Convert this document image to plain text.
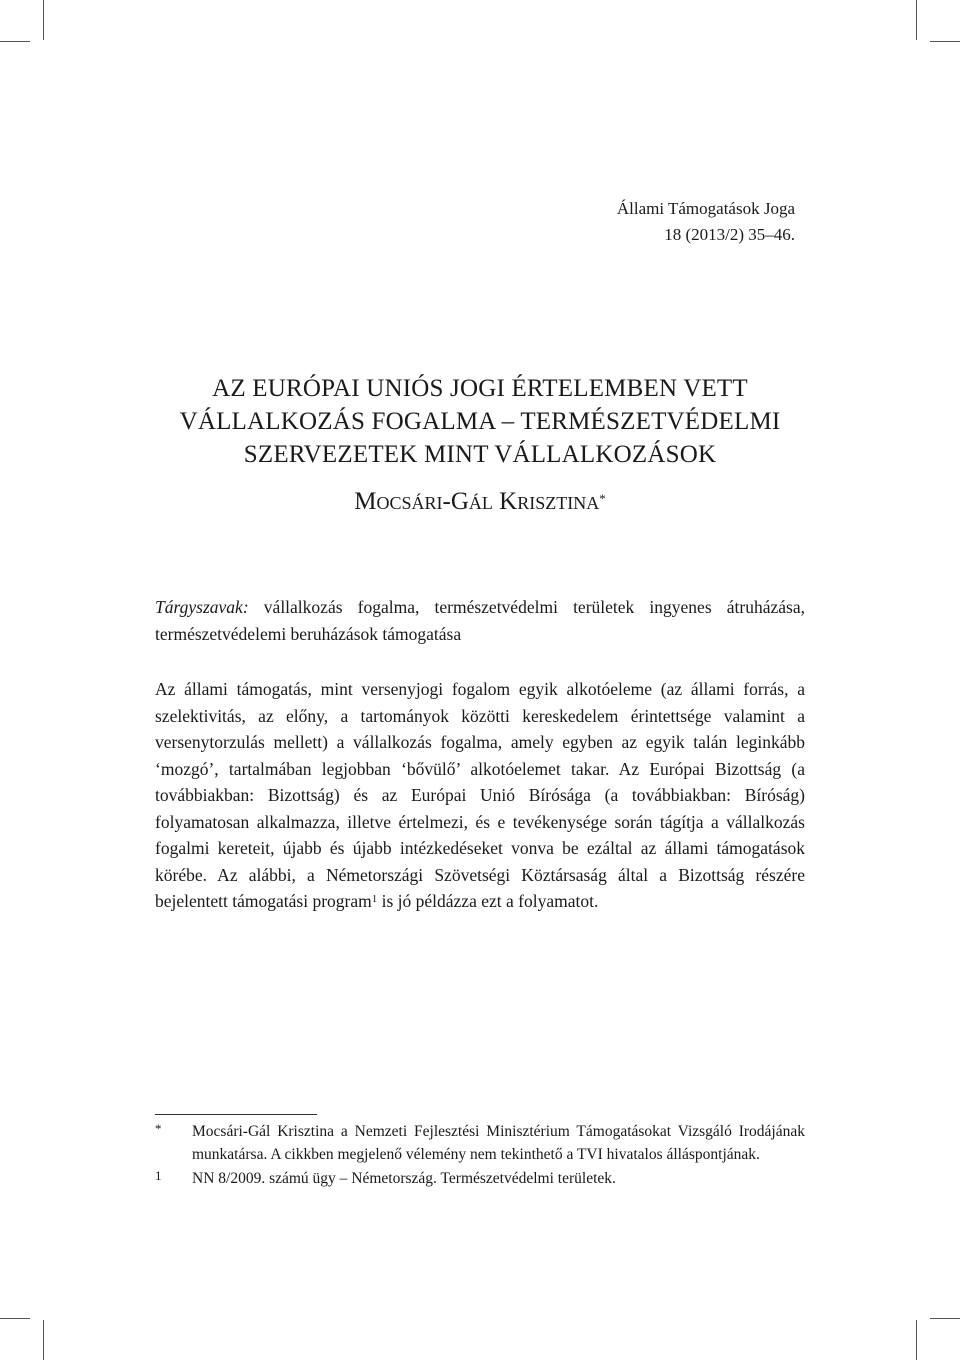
Állami Támogatások Joga
18 (2013/2) 35–46.
AZ EURÓPAI UNIÓS JOGI ÉRTELEMBEN VETT
VÁLLALKOZÁS FOGALMA – TERMÉSZETVÉDELMI
SZERVEZETEK MINT VÁLLALKOZÁSOK
Mocsári-Gál Krisztina*
Tárgyszavak: vállalkozás fogalma, természetvédelmi területek ingyenes átruházása, természetvédelemi beruházások támogatása
Az állami támogatás, mint versenyjogi fogalom egyik alkotóeleme (az állami forrás, a szelektivitás, az előny, a tartományok közötti kereskedelem érintettsége valamint a versenytorzulás mellett) a vállalkozás fogalma, amely egyben az egyik talán leginkább ‘mozgó’, tartalmában legjobban ‘bővülő’ alkotóelemet takar. Az Európai Bizottság (a továbbiakban: Bizottság) és az Európai Unió Bírósága (a továbbiakban: Bíróság) folyamatosan alkalmazza, illetve értelmezi, és e tevékenysége során tágítja a vállalkozás fogalmi kereteit, újabb és újabb intézkedéseket vonva be ezáltal az állami támogatások körébe. Az alábbi, a Németországi Szövetségi Köztársaság által a Bizottság részére bejelentett támogatási program$^1$ is jó példázza ezt a folyamatot.
*	Mocsári-Gál Krisztina a Nemzeti Fejlesztési Minisztérium Támogatásokat Vizsgáló Irodájának munkatársa. A cikkben megjelenő vélemény nem tekinthető a TVI hivatalos álláspontjának.
1	NN 8/2009. számú ügy – Németország. Természetvédelmi területek.
